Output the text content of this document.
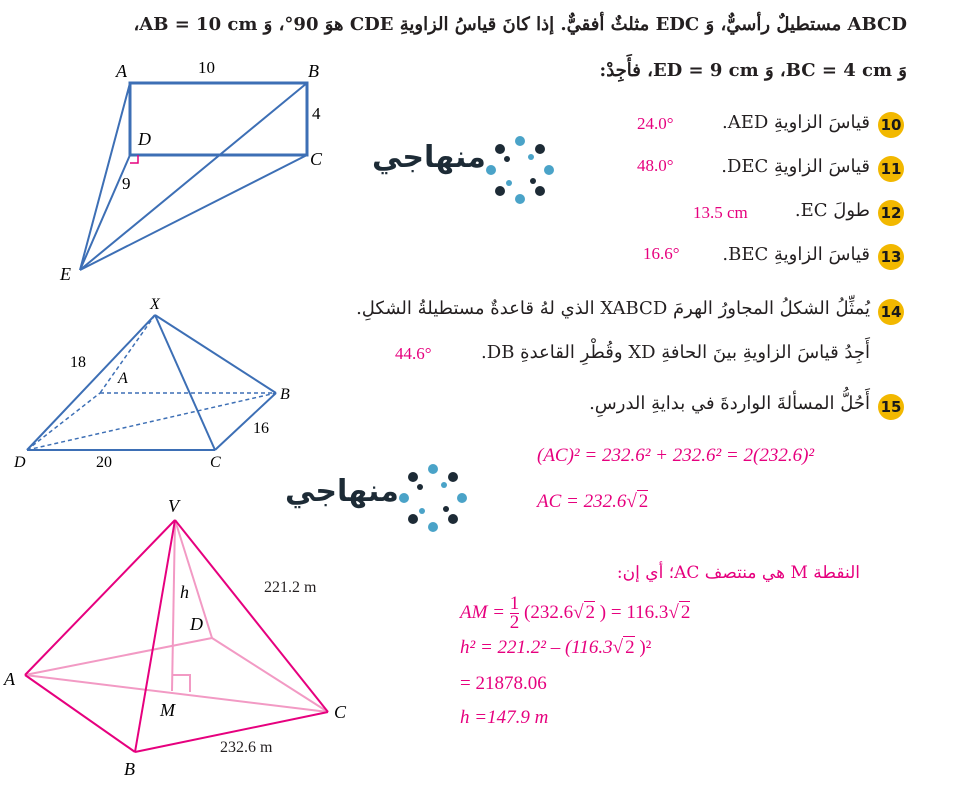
ABCD مستطيلٌ رأسيٌّ، وَ EDC مثلثٌ أفقيٌّ. إذا كانَ قياسُ الزاويةِ CDE هوَ 90°، وَ AB = 10 cm،
وَ BC = 4 cm، وَ ED = 9 cm، فأَجِدْ:
10
قياسَ الزاويةِ AED.
24.0°
11
قياسَ الزاويةِ DEC.
48.0°
12
طولَ EC.
13.5 cm
13
قياسَ الزاويةِ BEC.
16.6°
14
يُمثِّلُ الشكلُ المجاورُ الهرمَ XABCD الذي لهُ قاعدةٌ مستطيلةُ الشكلِ.
أَجِدُ قياسَ الزاويةِ بينَ الحافةِ XD وقُطْرِ القاعدةِ DB.
44.6°
15
أَحُلُّ المسألةَ الواردةَ في بدايةِ الدرسِ.
(AC)² = 232.6² + 232.6² = 2(232.6)²
AC = 232.6√ 2
النقطة M هي منتصف AC؛ أي إن:
AM = $\frac{1}{2} (232.6√$ 2 ) = 116.3√ 2
h² = 221.2² – (116.3√ 2 )²
= 21878.06
h =147.9 m
منهاجي
منهاجي
A	B
C
D
E
10
4
9
X
A
B
C
D
18
20
16
V
A
B
C
D
M
h	221.2 m
232.6 m
